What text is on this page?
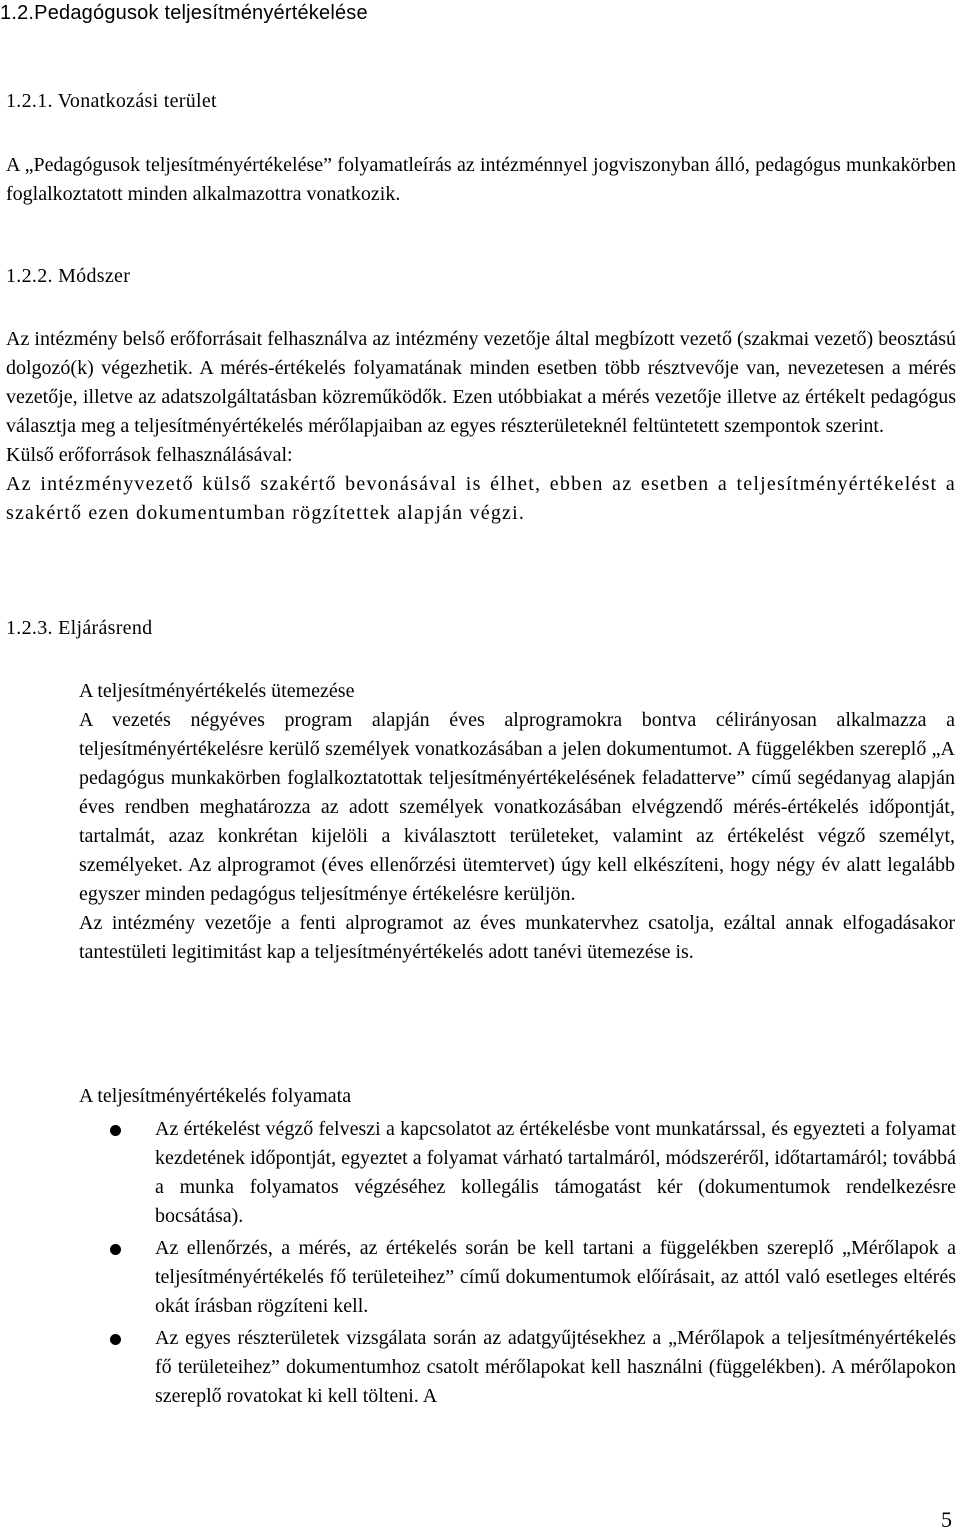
1.2.Pedagógusok teljesítményértékelése
1.2.1. Vonatkozási terület

A „Pedagógusok teljesítményértékelése” folyamatleírás az intézménnyel jogviszonyban álló, pedagógus munkakörben foglalkoztatott minden alkalmazottra vonatkozik.

1.2.2. Módszer

Az intézmény belső erőforrásait felhasználva az intézmény vezetője által megbízott vezető (szakmai vezető) beosztású dolgozó(k) végezhetik. A mérés-értékelés folyamatának minden esetben több résztvevője van, nevezetesen a mérés vezetője, illetve az adatszolgáltatásban közreműködők. Ezen utóbbiakat a mérés vezetője illetve az értékelt pedagógus választja meg a teljesítményértékelés mérőlapjaiban az egyes részterületeknél feltüntetett szempontok szerint.

Külső erőforrások felhasználásával:

Az intézményvezető külső szakértő bevonásával is élhet, ebben az esetben a teljesítményértékelést a szakértő ezen dokumentumban rögzítettek alapján végzi.

1.2.3. Eljárásrend
A teljesítményértékelés ütemezése

A vezetés négyéves program alapján éves alprogramokra bontva célirányosan alkalmazza a teljesítményértékelésre kerülő személyek vonatkozásában a jelen dokumentumot. A függelékben szereplő „A pedagógus munkakörben foglalkoztatottak teljesítményértékelésének feladatterve” című segédanyag alapján éves rendben meghatározza az adott személyek vonatkozásában elvégzendő mérés-értékelés időpontját, tartalmát, azaz konkrétan kijelöli a kiválasztott területeket, valamint az értékelést végző személyt, személyeket. Az alprogramot (éves ellenőrzési ütemtervet) úgy kell elkészíteni, hogy négy év alatt legalább egyszer minden pedagógus teljesítménye értékelésre kerüljön.

Az intézmény vezetője a fenti alprogramot az éves munkatervhez csatolja, ezáltal annak elfogadásakor tantestületi legitimitást kap a teljesítményértékelés adott tanévi ütemezése is.

A teljesítményértékelés folyamata
Az értékelést végző felveszi a kapcsolatot az értékelésbe vont munkatárssal, és egyezteti a folyamat kezdetének időpontját, egyeztet a folyamat várható tartalmáról, módszeréről, időtartamáról; továbbá a munka folyamatos végzéséhez kollegális támogatást kér (dokumentumok rendelkezésre bocsátása).
Az ellenőrzés, a mérés, az értékelés során be kell tartani a függelékben szereplő „Mérőlapok a teljesítményértékelés fő területeihez” című dokumentumok előírásait, az attól való esetleges eltérés okát írásban rögzíteni kell.
Az egyes részterületek vizsgálata során az adatgyűjtésekhez a „Mérőlapok a teljesítményértékelés fő területeihez” dokumentumhoz csatolt mérőlapokat kell használni (függelékben). A mérőlapokon szereplő rovatokat ki kell tölteni. A
5
